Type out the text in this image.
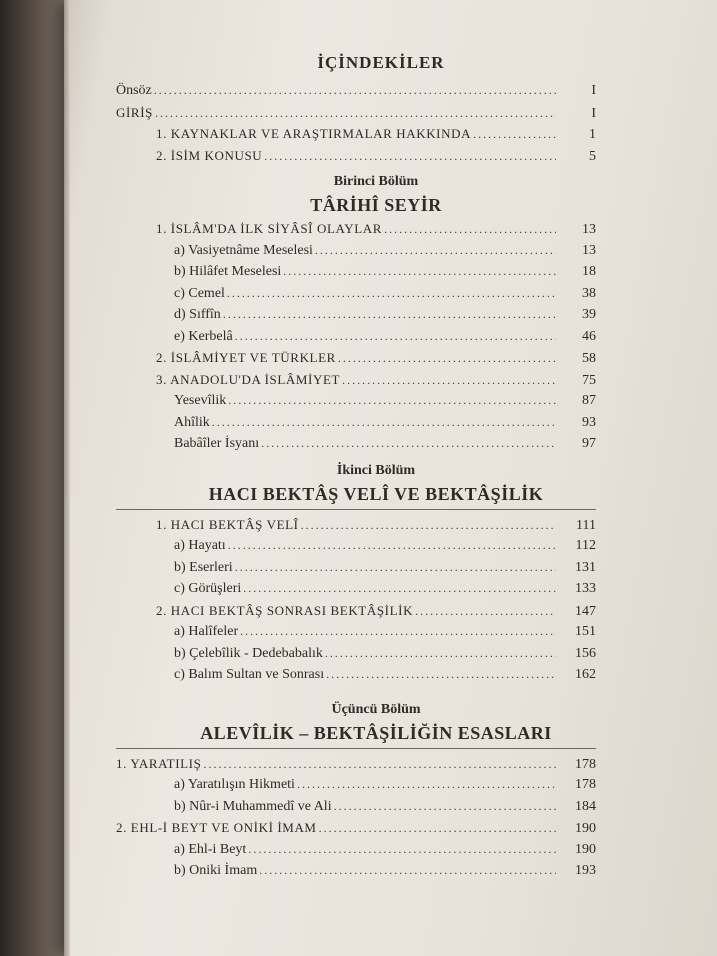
İÇİNDEKİLER
Önsöz .....	I
GİRİŞ .....	I
1. KAYNAKLAR VE ARAŞTIRMALAR HAKKINDA .....	1
2. İSİM KONUSU .....	5
Birinci Bölüm
TÂRİHÎ SEYİR
1. İSLÂM'DA İLK SİYÂSÎ OLAYLAR .....	13
a) Vasiyetnâme Meselesi .....	13
b) Hilâfet Meselesi .....	18
c) Cemel .....	38
d) Sıffîn .....	39
e) Kerbelâ .....	46
2. İSLÂMİYET VE TÜRKLER .....	58
3. ANADOLU'DA İSLÂMİYET .....	75
Yesevîlik .....	87
Ahîlik .....	93
Babâîler İsyanı .....	97
İkinci Bölüm
HACI BEKTÂŞ VELÎ VE BEKTÂŞİLİK
1. HACI BEKTÂŞ VELÎ .....	111
a) Hayatı .....	112
b) Eserleri .....	131
c) Görüşleri .....	133
2. HACI BEKTÂŞ SONRASI BEKTÂŞİLİK .....	147
a) Halîfeler .....	151
b) Çelebîlik - Dedebabalık .....	156
c) Balım Sultan ve Sonrası .....	162
Üçüncü Bölüm
ALEVÎLİK – BEKTÂŞİLİĞİN ESASLARI
1. YARATILIŞ .....	178
a) Yaratılışın Hikmeti .....	178
b) Nûr-i Muhammedî ve Ali .....	184
2. EHL-İ BEYT VE ONİKİ İMAM .....	190
a) Ehl-i Beyt .....	190
b) Oniki İmam .....	193
